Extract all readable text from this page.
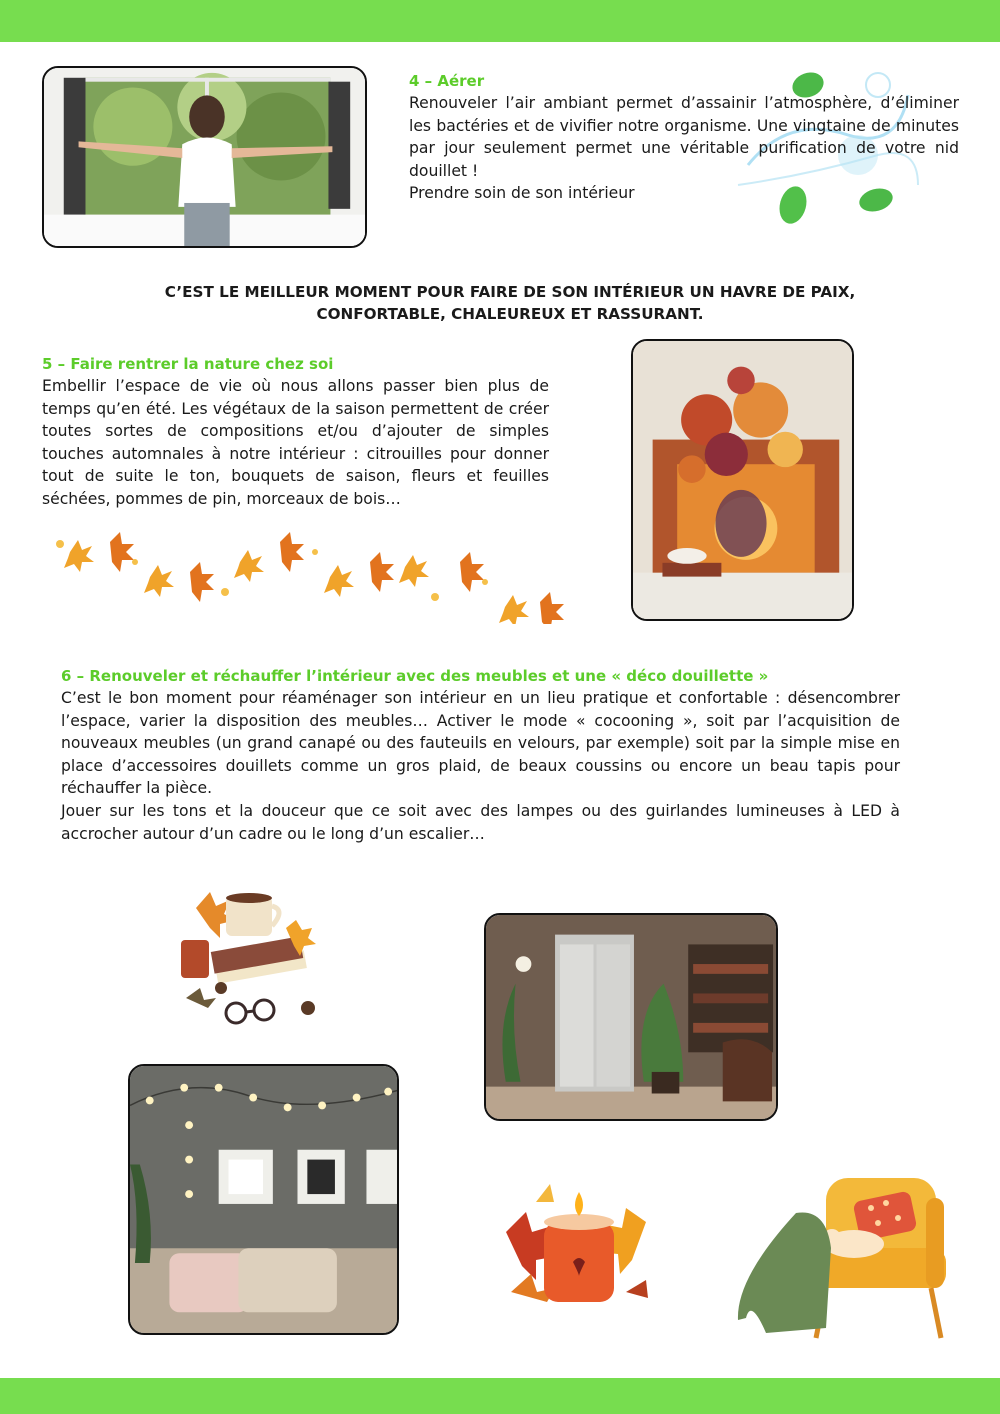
4 – Aérer

Renouveler l’air ambiant permet d’assainir l’atmosphère, d’éliminer les bactéries et de vivifier notre organisme. Une vingtaine de minutes par jour seulement permet une véritable purification de votre nid douillet !

Prendre soin de son intérieur

C’EST LE MEILLEUR MOMENT POUR FAIRE DE SON INTÉRIEUR UN HAVRE DE PAIX,
CONFORTABLE, CHALEUREUX ET RASSURANT.
5 – Faire rentrer la nature chez soi

Embellir l’espace de vie où nous allons passer bien plus de temps qu’en été. Les végétaux de la saison permettent de créer toutes sortes de compositions et/ou d’ajouter de simples touches automnales à notre intérieur : citrouilles pour donner tout de suite le ton, bouquets de saison, fleurs et feuilles séchées, pommes de pin, morceaux de bois…

6 – Renouveler et réchauffer l’intérieur avec des meubles et une « déco douillette »

C’est le bon moment pour réaménager son intérieur en un lieu pratique et confortable : désencombrer l’espace, varier la disposition des meubles… Activer le mode « cocooning », soit par l’acquisition de nouveaux meubles (un grand canapé ou des fauteuils en velours, par exemple) soit par la simple mise en place d’accessoires douillets comme un gros plaid, de beaux coussins ou encore un beau tapis pour réchauffer la pièce.

Jouer sur les tons et la douceur que ce soit avec des lampes ou des guirlandes lumineuses à LED à accrocher autour d’un cadre ou le long d’un escalier…
